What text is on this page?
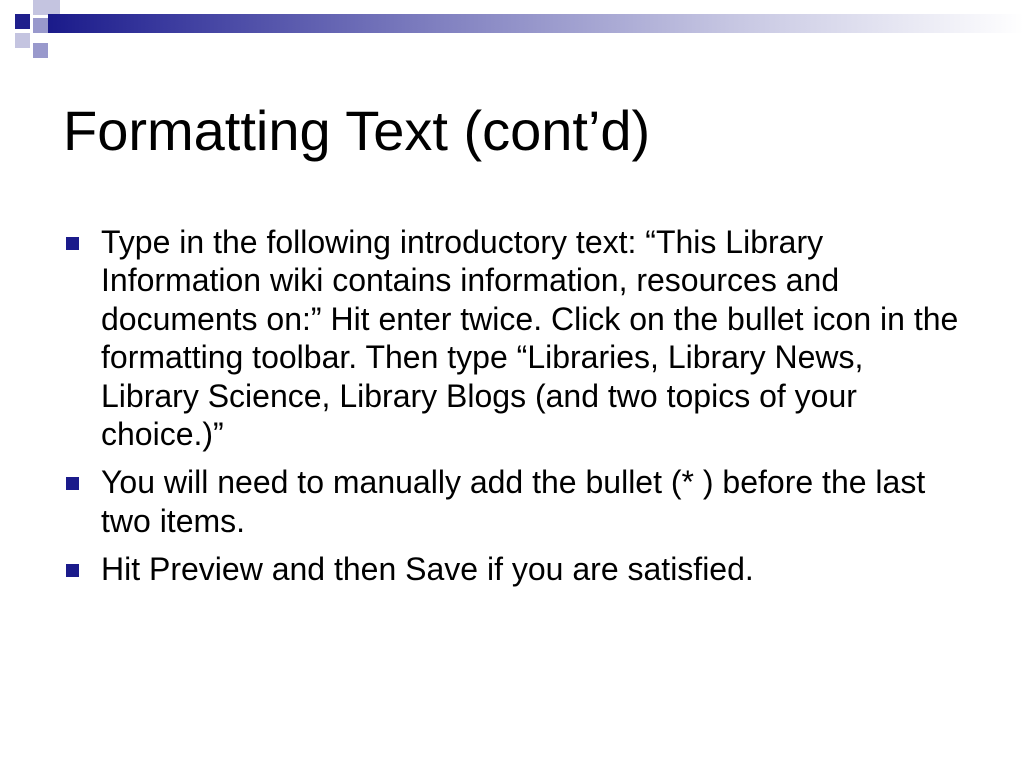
Formatting Text (cont’d)
Type in the following introductory text: “This Library Information wiki contains information, resources and documents on:” Hit enter twice. Click on the bullet icon in the formatting toolbar. Then type “Libraries, Library News, Library Science, Library Blogs (and two topics of your choice.)”
You will need to manually add the bullet (* ) before the last two items.
Hit Preview and then Save if you are satisfied.
